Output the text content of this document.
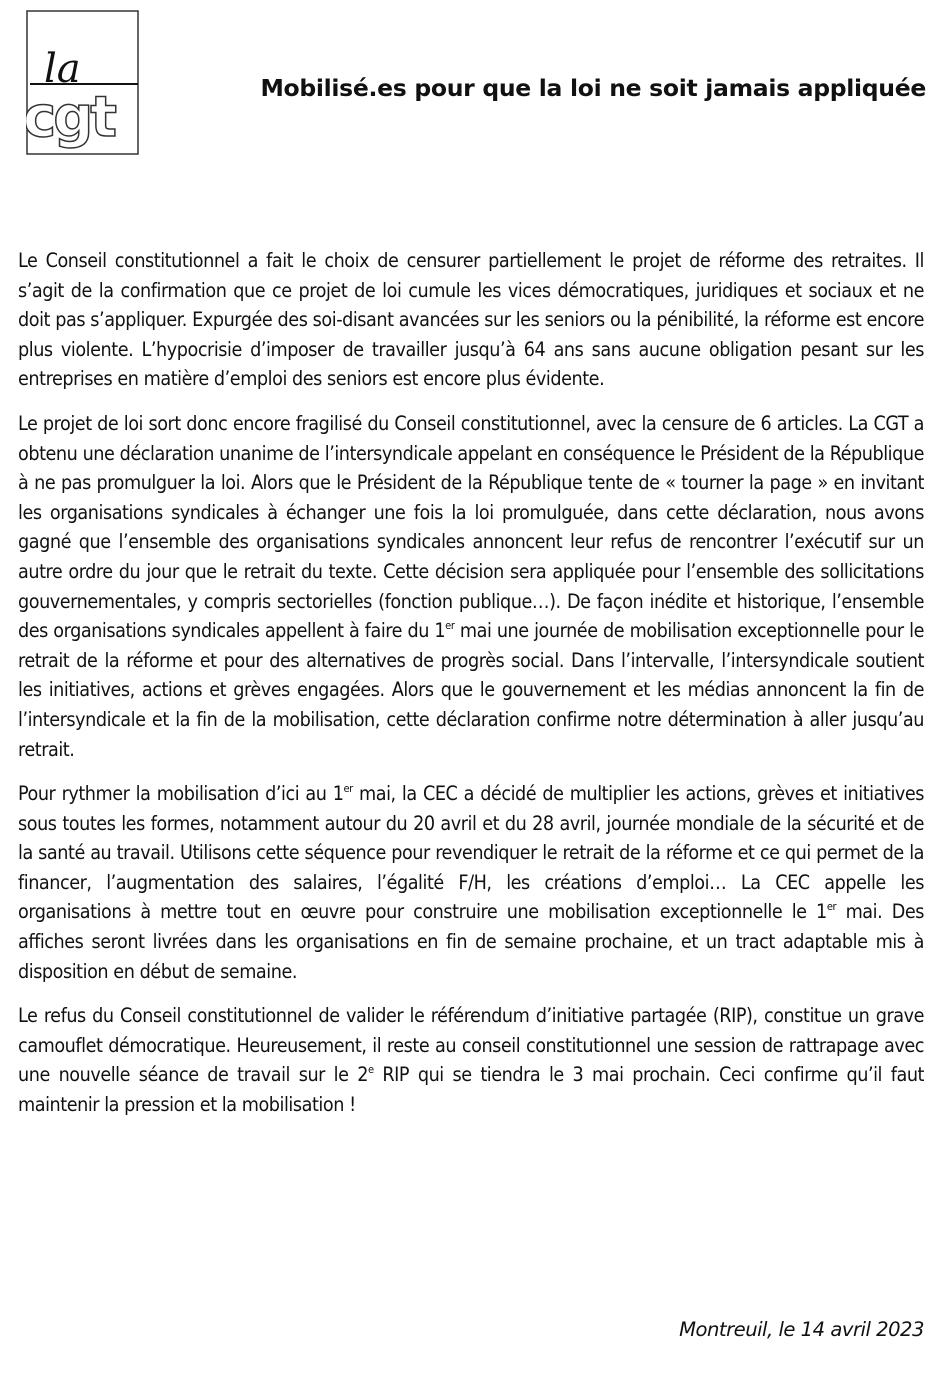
la
cgt	Mobilisé.es pour que la loi ne soit jamais appliquée

Le Conseil constitutionnel a fait le choix de censurer partiellement le projet de réforme des retraites. Il s’agit de la confirmation que ce projet de loi cumule les vices démocratiques, juridiques et sociaux et ne doit pas s’appliquer. Expurgée des soi-disant avancées sur les seniors ou la pénibilité, la réforme est encore plus violente. L’hypocrisie d’imposer de travailler jusqu’à 64 ans sans aucune obligation pesant sur les entreprises en matière d’emploi des seniors est encore plus évidente.

Le projet de loi sort donc encore fragilisé du Conseil constitutionnel, avec la censure de 6 articles. La CGT a obtenu une déclaration unanime de l’intersyndicale appelant en conséquence le Président de la République à ne pas promulguer la loi. Alors que le Président de la République tente de « tourner la page » en invitant les organisations syndicales à échanger une fois la loi promulguée, dans cette déclaration, nous avons gagné que l’ensemble des organisations syndicales annoncent leur refus de rencontrer l’exécutif sur un autre ordre du jour que le retrait du texte. Cette décision sera appliquée pour l’ensemble des sollicitations gouvernementales, y compris sectorielles (fonction publique…). De façon inédite et historique, l’ensemble des organisations syndicales appellent à faire du 1er mai une journée de mobilisation exceptionnelle pour le retrait de la réforme et pour des alternatives de progrès social. Dans l’intervalle, l’intersyndicale soutient les initiatives, actions et grèves engagées. Alors que le gouvernement et les médias annoncent la fin de l’intersyndicale et la fin de la mobilisation, cette déclaration confirme notre détermination à aller jusqu’au retrait.

Pour rythmer la mobilisation d’ici au 1er mai, la CEC a décidé de multiplier les actions, grèves et initiatives sous toutes les formes, notamment autour du 20 avril et du 28 avril, journée mondiale de la sécurité et de la santé au travail. Utilisons cette séquence pour revendiquer le retrait de la réforme et ce qui permet de la financer, l’augmentation des salaires, l’égalité F/H, les créations d’emploi… La CEC appelle les organisations à mettre tout en œuvre pour construire une mobilisation exceptionnelle le 1er mai. Des affiches seront livrées dans les organisations en fin de semaine prochaine, et un tract adaptable mis à disposition en début de semaine.

Le refus du Conseil constitutionnel de valider le référendum d’initiative partagée (RIP), constitue un grave camouflet démocratique. Heureusement, il reste au conseil constitutionnel une session de rattrapage avec une nouvelle séance de travail sur le 2e RIP qui se tiendra le 3 mai prochain. Ceci confirme qu’il faut maintenir la pression et la mobilisation !

Montreuil, le 14 avril 2023
